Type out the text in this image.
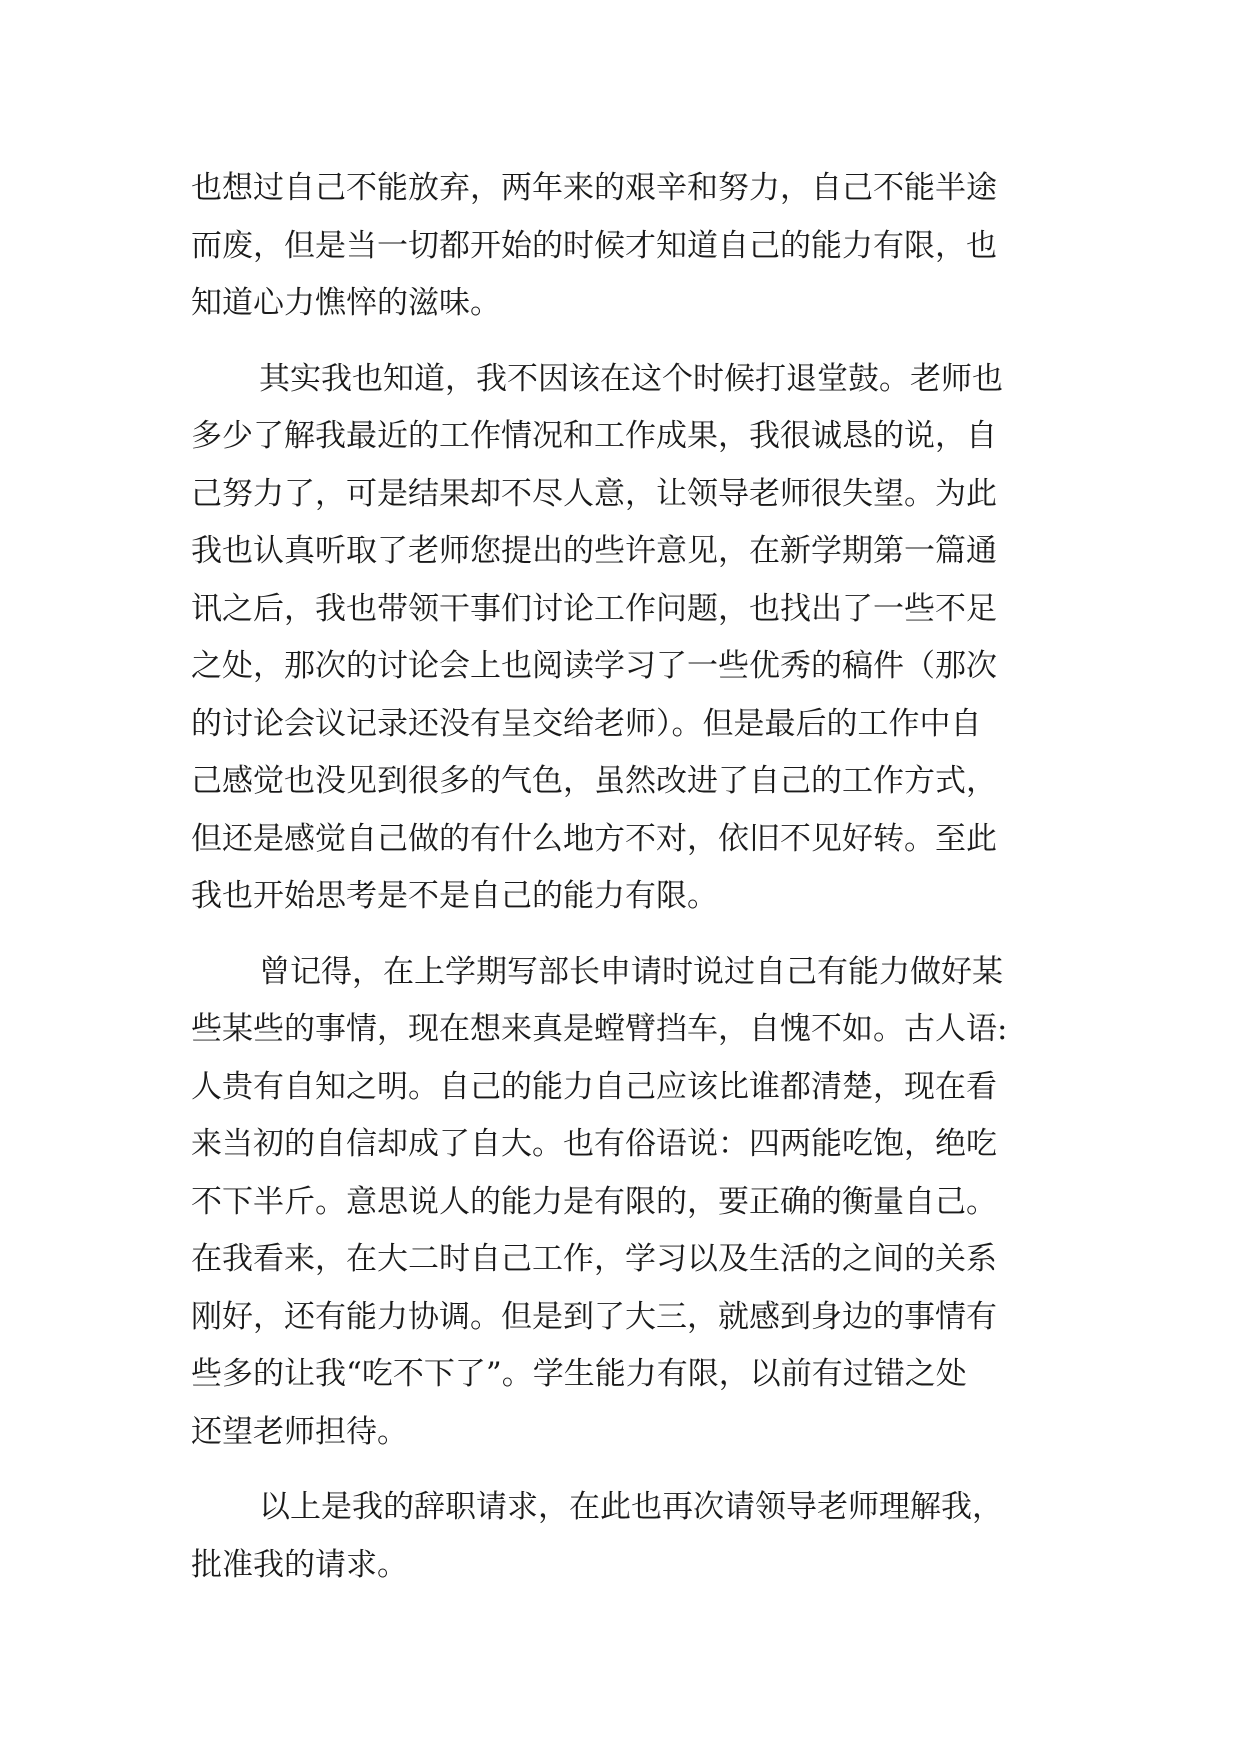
也想过自己不能放弃，两年来的艰辛和努力，自己不能半途
而废，但是当一切都开始的时候才知道自己的能力有限，也
知道心力憔悴的滋味。

其实我也知道，我不因该在这个时候打退堂鼓。老师也
多少了解我最近的工作情况和工作成果，我很诚恳的说，自
己努力了，可是结果却不尽人意，让领导老师很失望。为此
我也认真听取了老师您提出的些许意见，在新学期第一篇通
讯之后，我也带领干事们讨论工作问题，也找出了一些不足
之处，那次的讨论会上也阅读学习了一些优秀的稿件（那次
的讨论会议记录还没有呈交给老师）。但是最后的工作中自
己感觉也没见到很多的气色，虽然改进了自己的工作方式，
但还是感觉自己做的有什么地方不对，依旧不见好转。至此
我也开始思考是不是自己的能力有限。

曾记得，在上学期写部长申请时说过自己有能力做好某
些某些的事情，现在想来真是螳臂挡车，自愧不如。古人语:
人贵有自知之明。自己的能力自己应该比谁都清楚，现在看
来当初的自信却成了自大。也有俗语说：四两能吃饱，绝吃
不下半斤。意思说人的能力是有限的，要正确的衡量自己。
在我看来，在大二时自己工作，学习以及生活的之间的关系
刚好，还有能力协调。但是到了大三，就感到身边的事情有
些多的让我“吃不下了”。学生能力有限，以前有过错之处
还望老师担待。

以上是我的辞职请求，在此也再次请领导老师理解我，
批准我的请求。
